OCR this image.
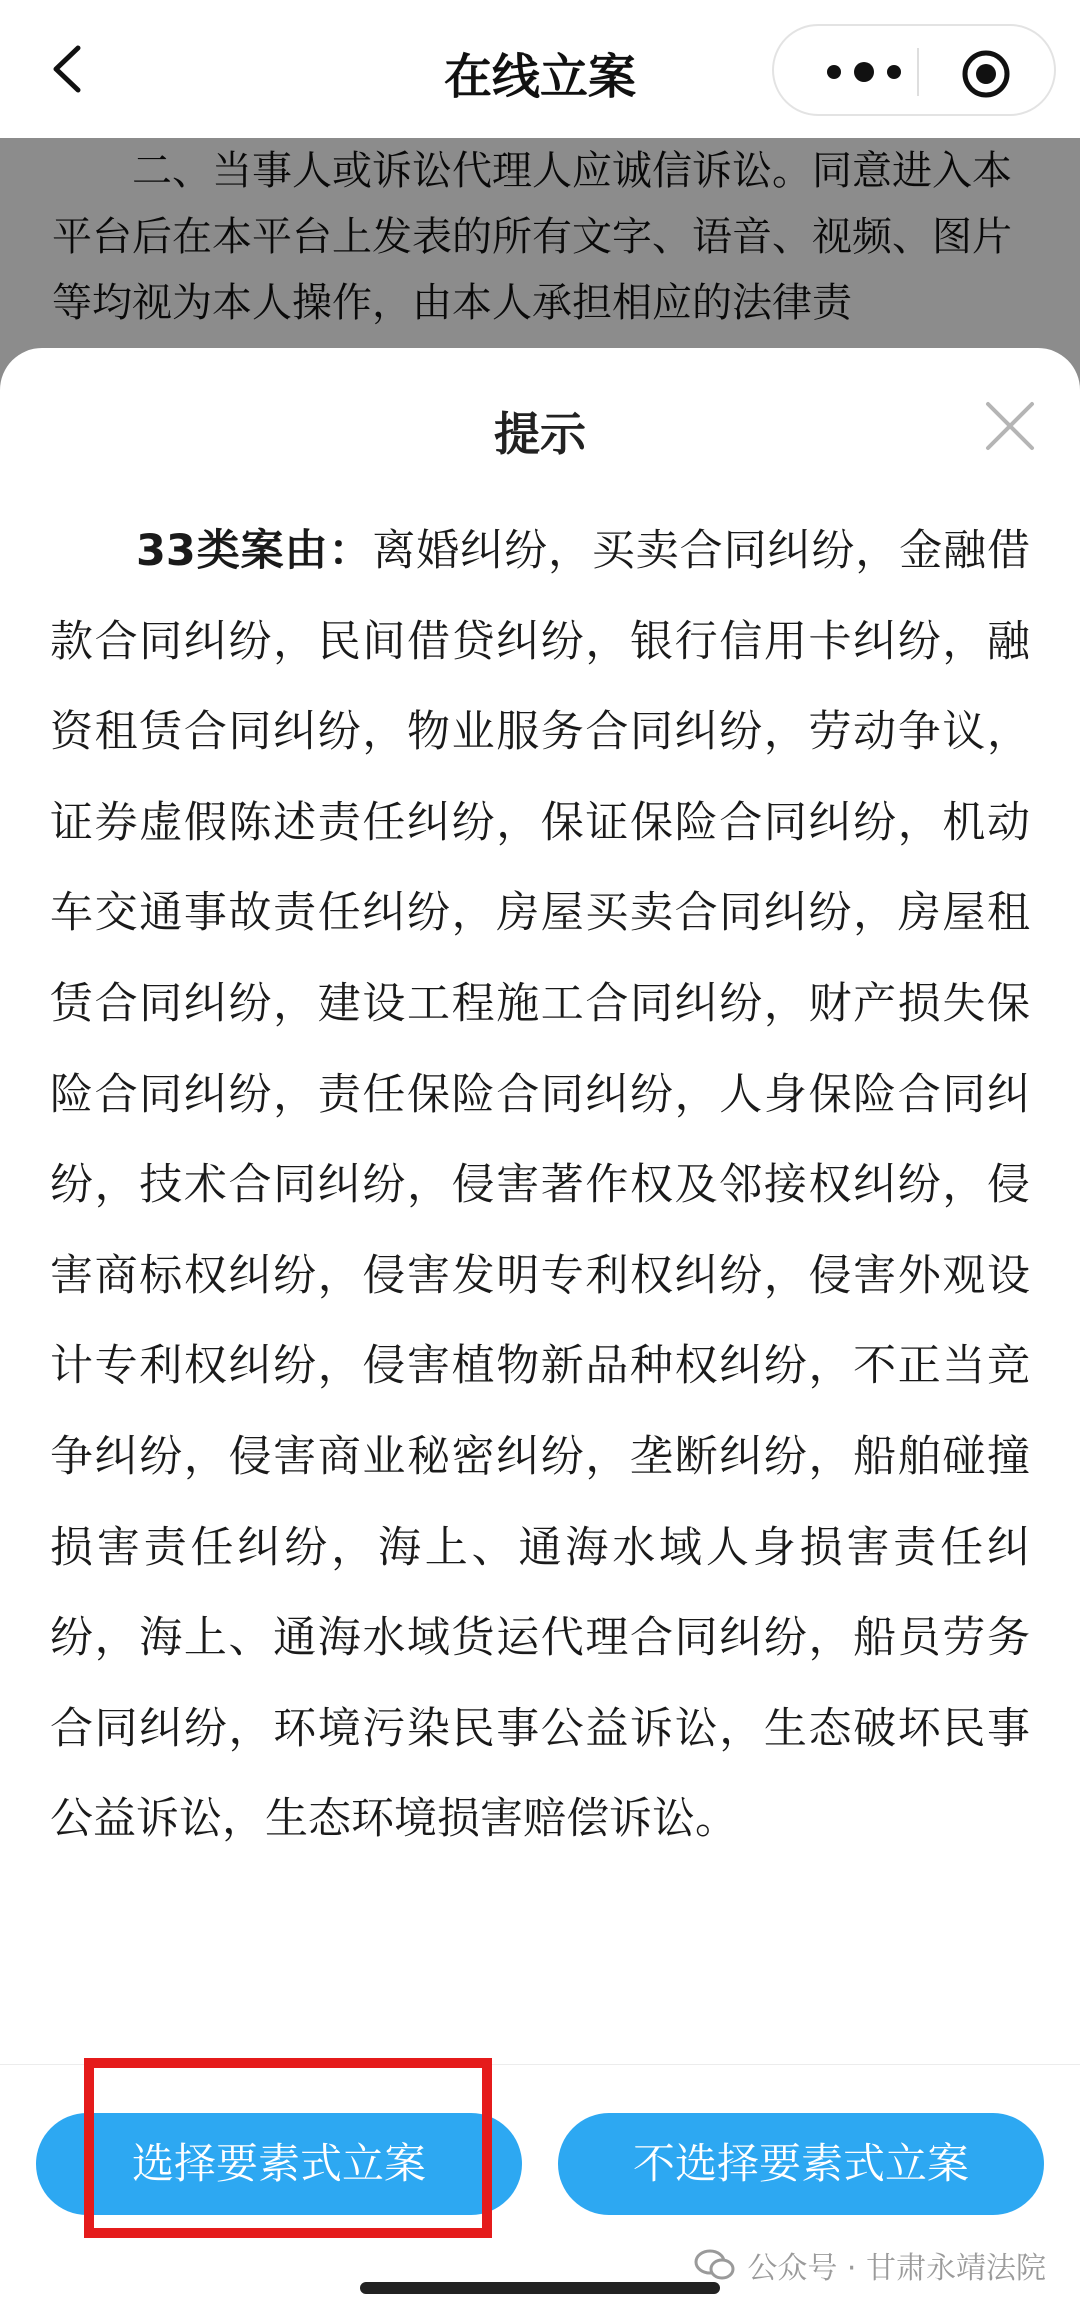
在线立案

二、当事人或诉讼代理人应诚信诉讼。同意进入本平台后在本平台上发表的所有文字、语音、视频、图片等均视为本人操作，由本人承担相应的法律责

提示

33类案由：离婚纠纷，买卖合同纠纷，金融借款合同纠纷，民间借贷纠纷，银行信用卡纠纷，融资租赁合同纠纷，物业服务合同纠纷，劳动争议，证券虚假陈述责任纠纷，保证保险合同纠纷，机动车交通事故责任纠纷，房屋买卖合同纠纷，房屋租赁合同纠纷，建设工程施工合同纠纷，财产损失保险合同纠纷，责任保险合同纠纷，人身保险合同纠纷，技术合同纠纷，侵害著作权及邻接权纠纷，侵害商标权纠纷，侵害发明专利权纠纷，侵害外观设计专利权纠纷，侵害植物新品种权纠纷，不正当竞争纠纷，侵害商业秘密纠纷，垄断纠纷，船舶碰撞损害责任纠纷，海上、通海水域人身损害责任纠纷，海上、通海水域货运代理合同纠纷，船员劳务合同纠纷，环境污染民事公益诉讼，生态破坏民事公益诉讼，生态环境损害赔偿诉讼。

选择要素式立案	不选择要素式立案
公众号 · 甘肃永靖法院
